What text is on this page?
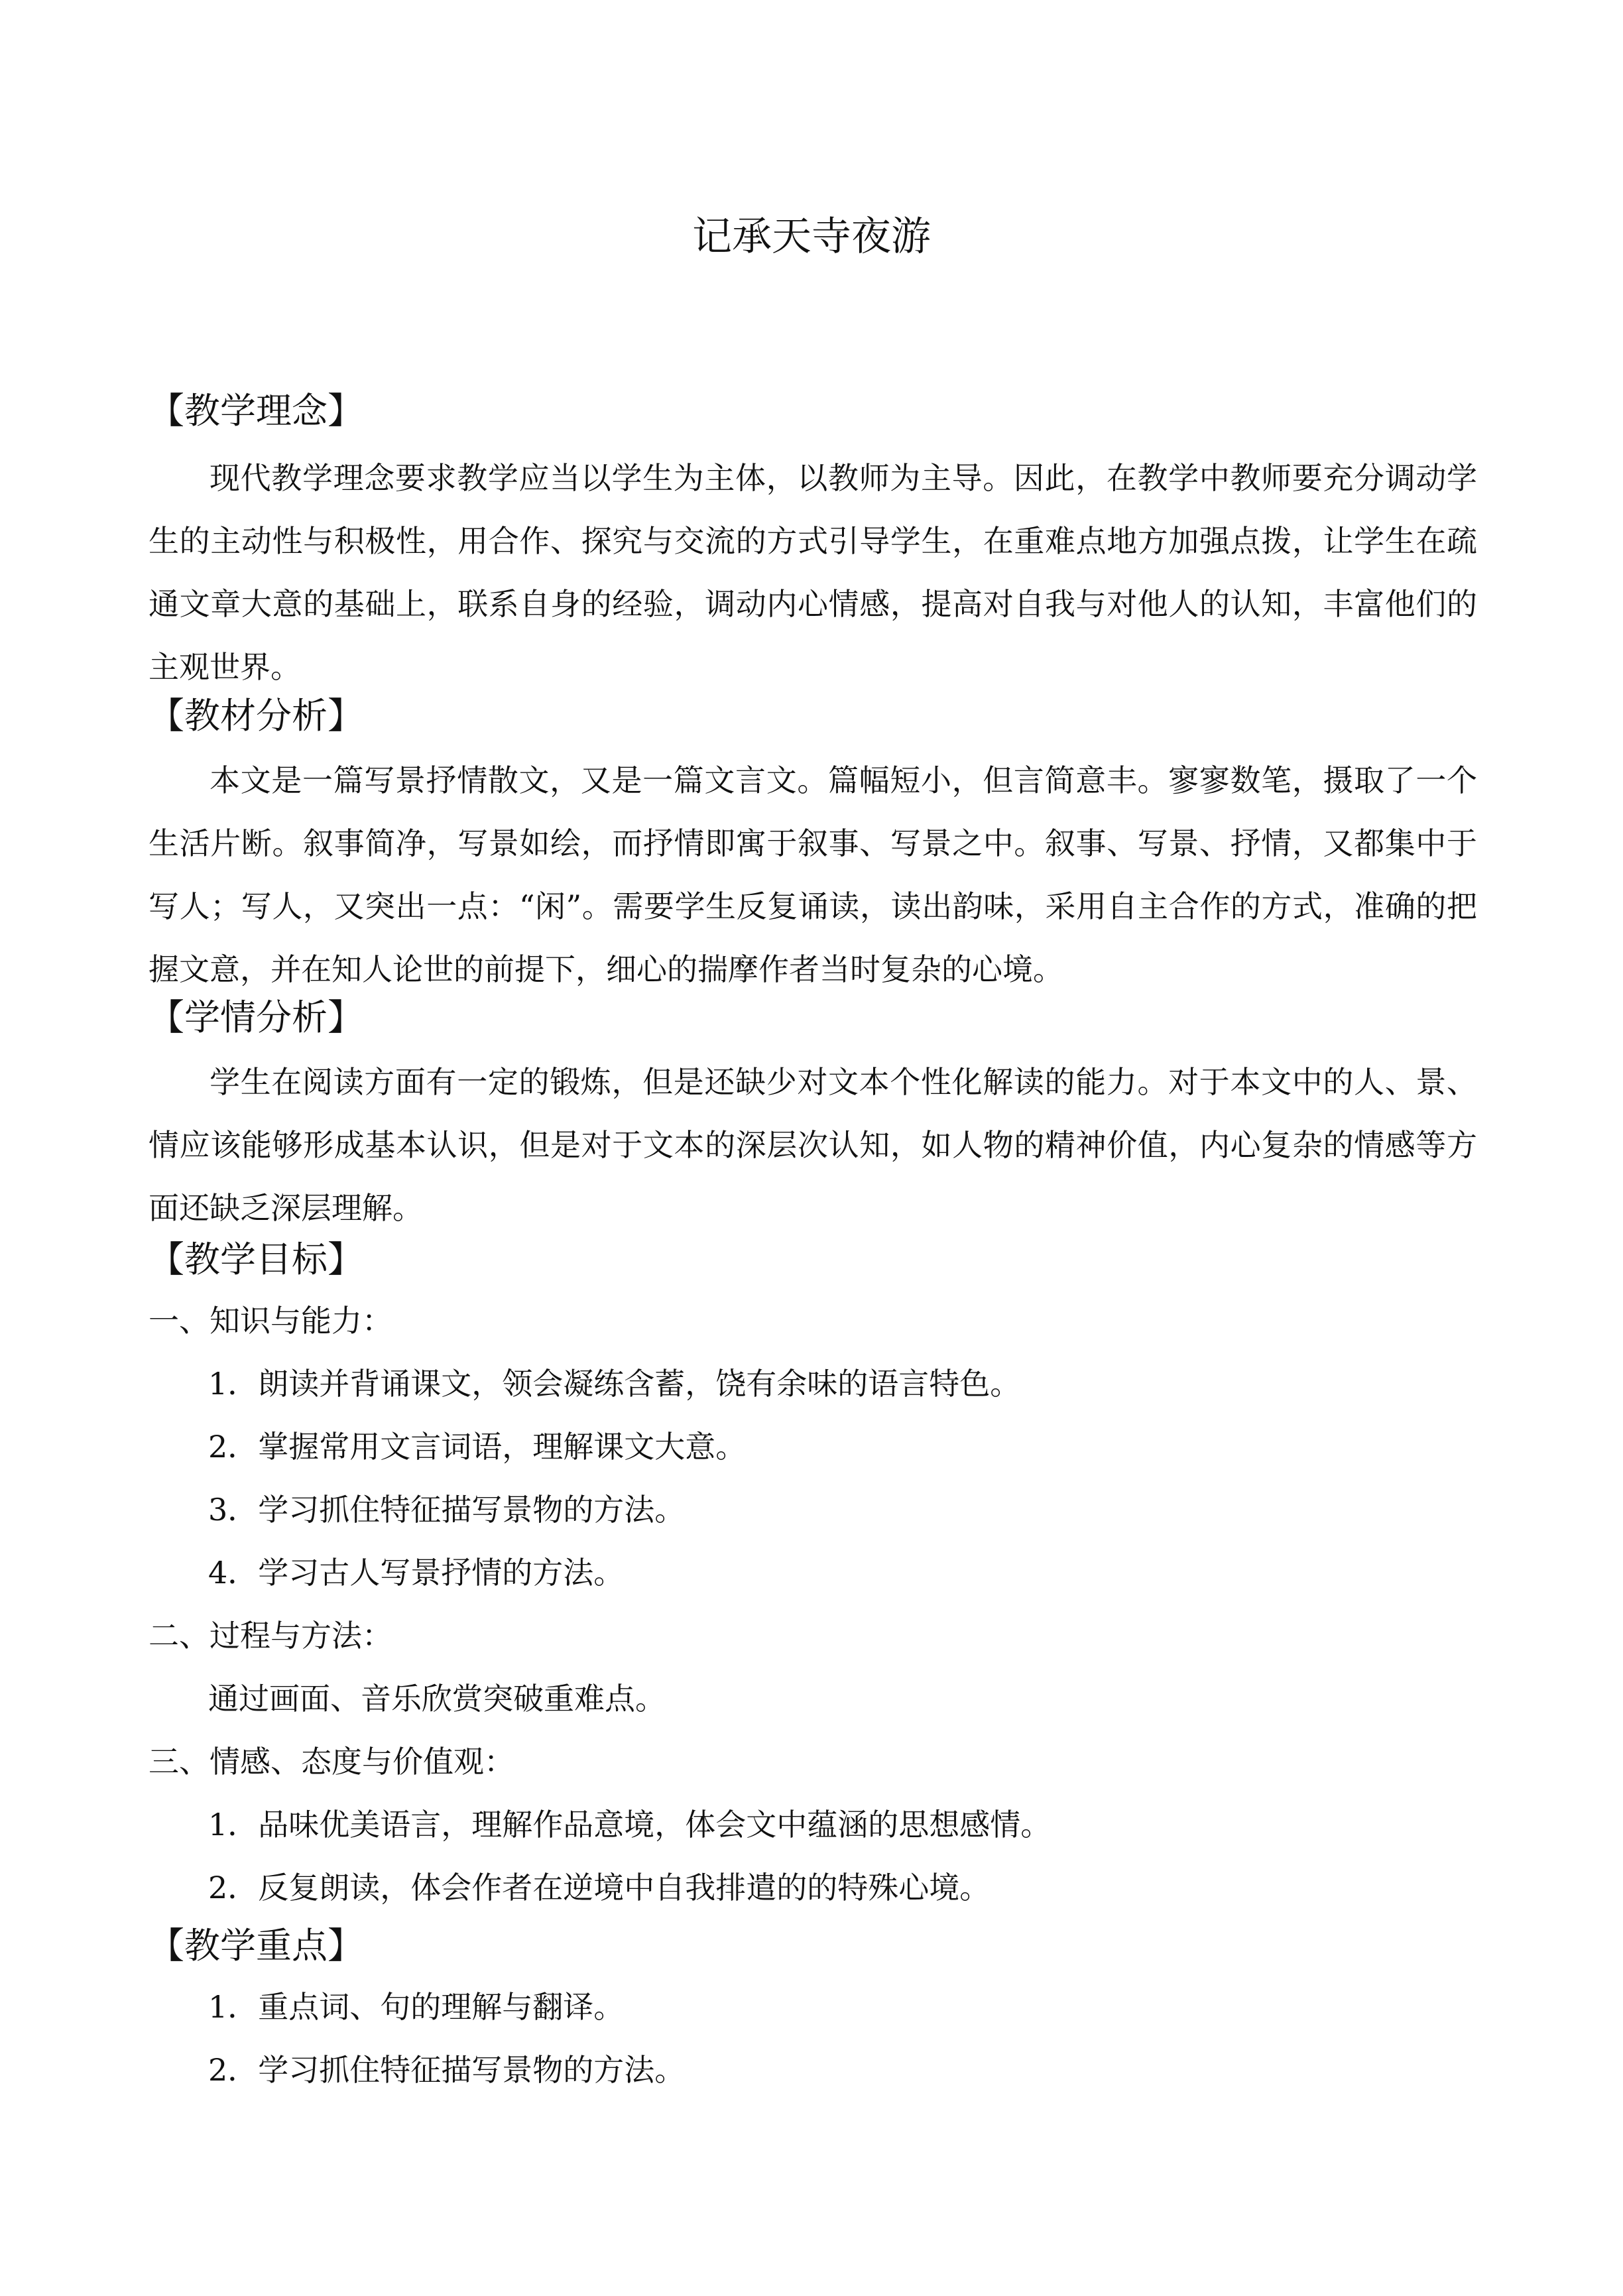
记承天寺夜游
【教学理念】

现代教学理念要求教学应当以学生为主体，以教师为主导。因此，在教学中教师要充分调动学生的主动性与积极性，用合作、探究与交流的方式引导学生，在重难点地方加强点拨，让学生在疏通文章大意的基础上，联系自身的经验，调动内心情感，提高对自我与对他人的认知，丰富他们的主观世界。

【教材分析】

本文是一篇写景抒情散文，又是一篇文言文。篇幅短小，但言简意丰。寥寥数笔，摄取了一个生活片断。叙事简净，写景如绘，而抒情即寓于叙事、写景之中。叙事、写景、抒情，又都集中于写人；写人，又突出一点：“闲”。需要学生反复诵读，读出韵味，采用自主合作的方式，准确的把握文意，并在知人论世的前提下，细心的揣摩作者当时复杂的心境。

【学情分析】

学生在阅读方面有一定的锻炼，但是还缺少对文本个性化解读的能力。对于本文中的人、景、情应该能够形成基本认识，但是对于文本的深层次认知，如人物的精神价值，内心复杂的情感等方面还缺乏深层理解。

【教学目标】
一、知识与能力：
1．朗读并背诵课文，领会凝练含蓄，饶有余味的语言特色。
2．掌握常用文言词语，理解课文大意。
3．学习抓住特征描写景物的方法。
4．学习古人写景抒情的方法。
二、过程与方法：
通过画面、音乐欣赏突破重难点。
三、情感、态度与价值观：
1．品味优美语言，理解作品意境，体会文中蕴涵的思想感情。
2．反复朗读，体会作者在逆境中自我排遣的的特殊心境。
【教学重点】
1．重点词、句的理解与翻译。
2．学习抓住特征描写景物的方法。
